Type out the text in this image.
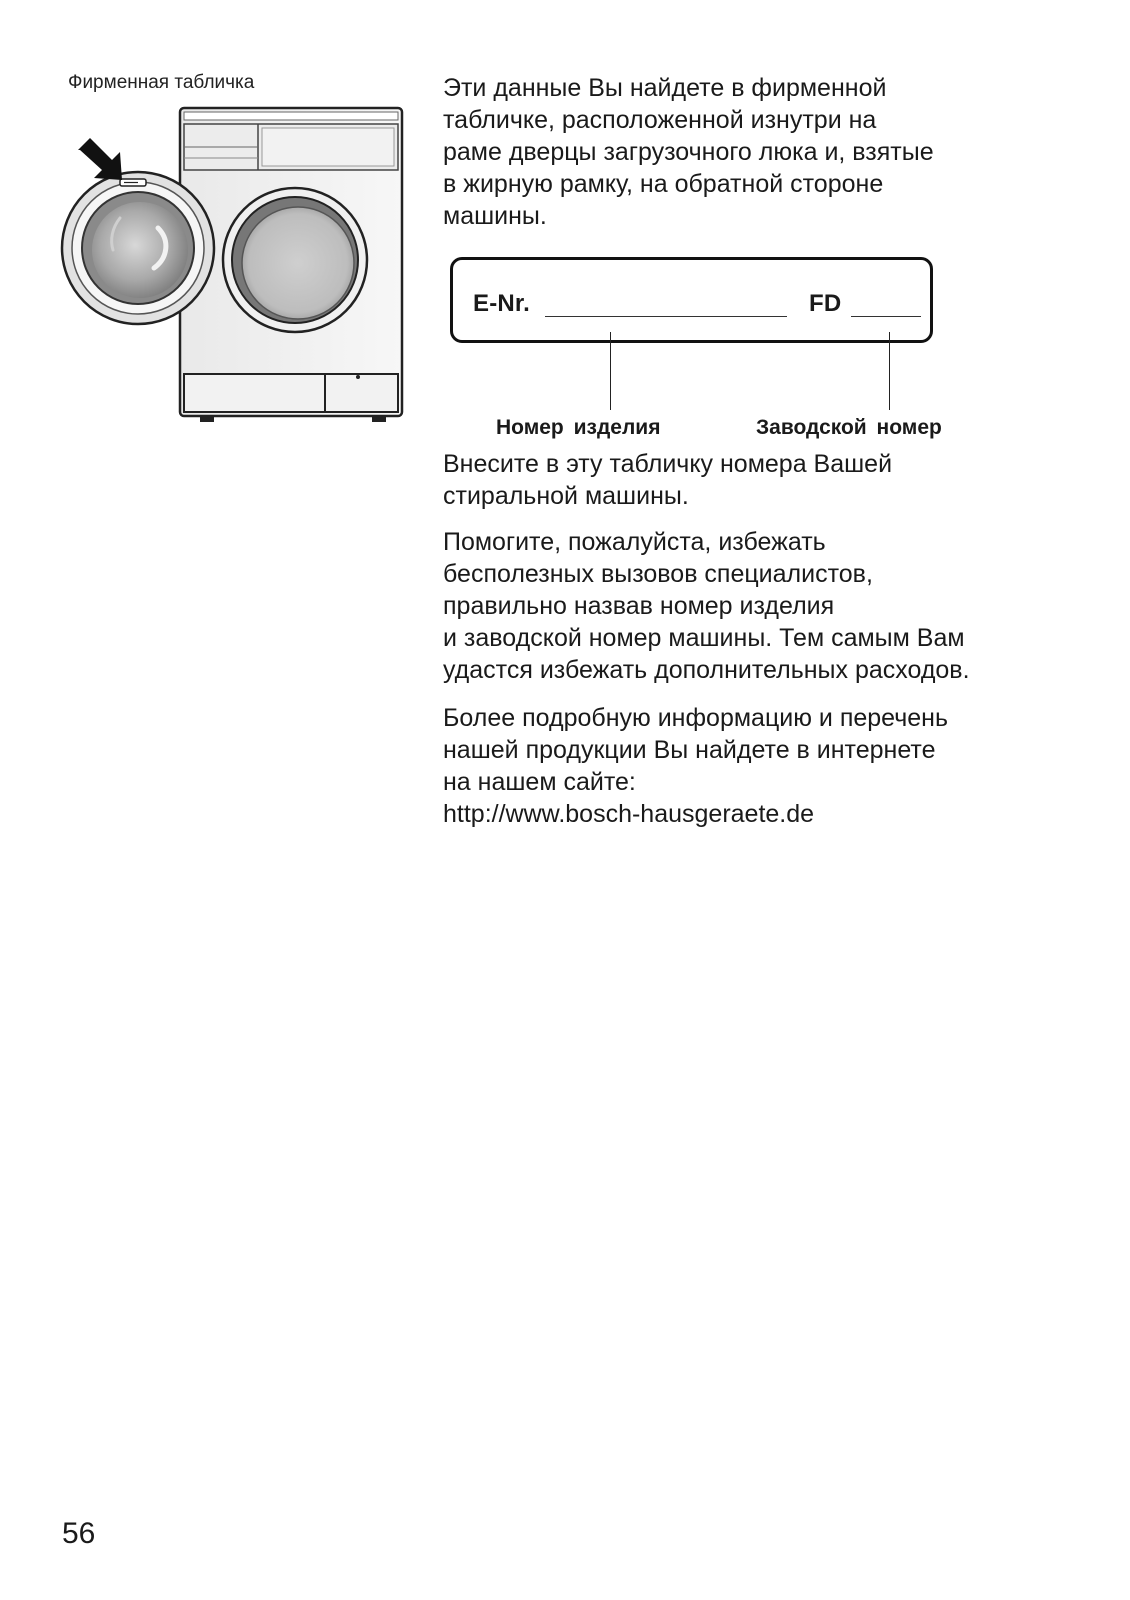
Фирменная табличка	Эти данные Вы найдете в фирменной
табличке, расположенной изнутри на
раме дверцы загрузочного люка и, взятые
в жирную рамку, на обратной стороне
машины.
E-Nr.	FD
Номер изделия	Заводской номер
Внесите в эту табличку номера Вашей
стиральной машины.
Помогите, пожалуйста, избежать
бесполезных вызовов специалистов,
правильно назвав номер изделия
и заводской номер машины. Тем самым Вам
удастся избежать дополнительных расходов.
Более подробную информацию и перечень
нашей продукции Вы найдете в интернете
на нашем сайте:
http://www.bosch-hausgeraete.de
56
